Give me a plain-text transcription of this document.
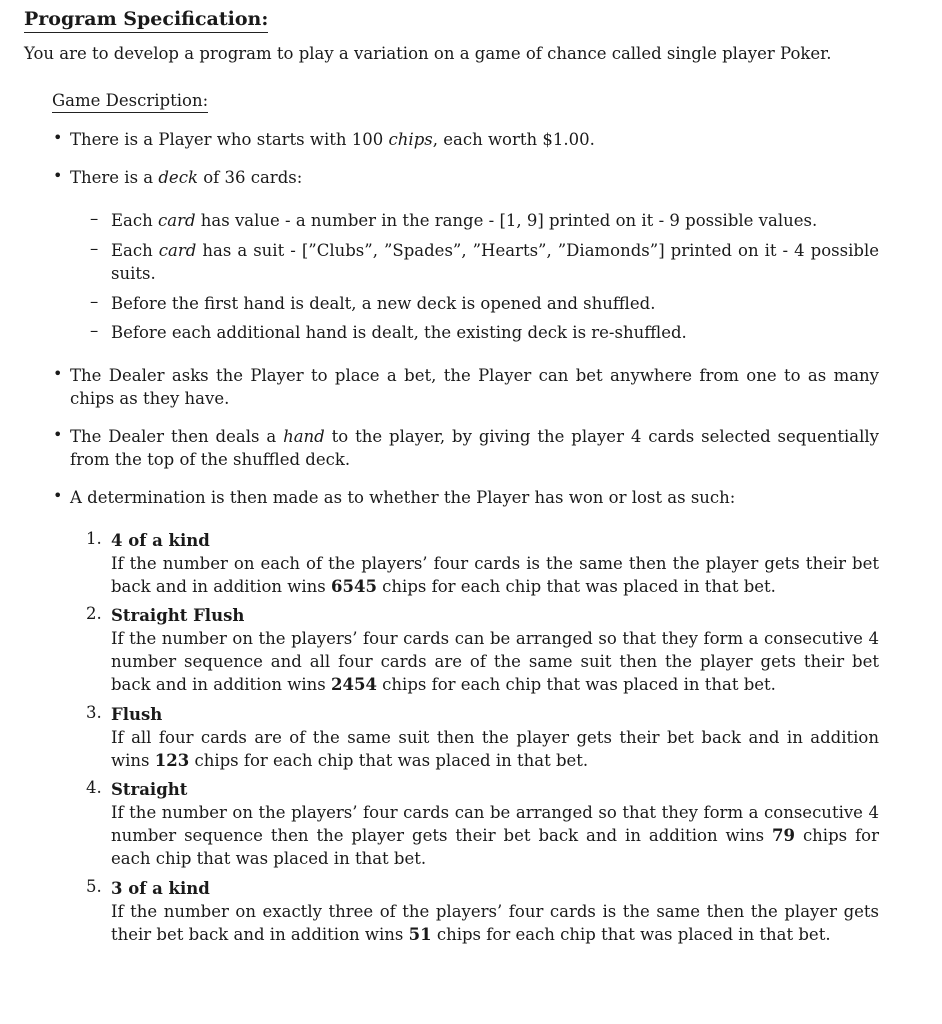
Program Specification:
You are to develop a program to play a variation on a game of chance called single player Poker.
Game Description:
• There is a Player who starts with 100 chips, each worth $1.00.
• There is a deck of 36 cards:
– Each card has value - a number in the range - [1, 9] printed on it - 9 possible values.
– Each card has a suit - [”Clubs”, ”Spades”, ”Hearts”, ”Diamonds”] printed on it - 4 possible suits.
– Before the first hand is dealt, a new deck is opened and shuffled.
– Before each additional hand is dealt, the existing deck is re-shuffled.
• The Dealer asks the Player to place a bet, the Player can bet anywhere from one to as many chips as they have.
• The Dealer then deals a hand to the player, by giving the player 4 cards selected sequentially from the top of the shuffled deck.
• A determination is then made as to whether the Player has won or lost as such:
1. 4 of a kind
If the number on each of the players’ four cards is the same then the player gets their bet back and in addition wins 6545 chips for each chip that was placed in that bet.
2. Straight Flush
If the number on the players’ four cards can be arranged so that they form a consecutive 4 number sequence and all four cards are of the same suit then the player gets their bet back and in addition wins 2454 chips for each chip that was placed in that bet.
3. Flush
If all four cards are of the same suit then the player gets their bet back and in addition wins 123 chips for each chip that was placed in that bet.
4. Straight
If the number on the players’ four cards can be arranged so that they form a consecutive 4 number sequence then the player gets their bet back and in addition wins 79 chips for each chip that was placed in that bet.
5. 3 of a kind
If the number on exactly three of the players’ four cards is the same then the player gets their bet back and in addition wins 51 chips for each chip that was placed in that bet.
